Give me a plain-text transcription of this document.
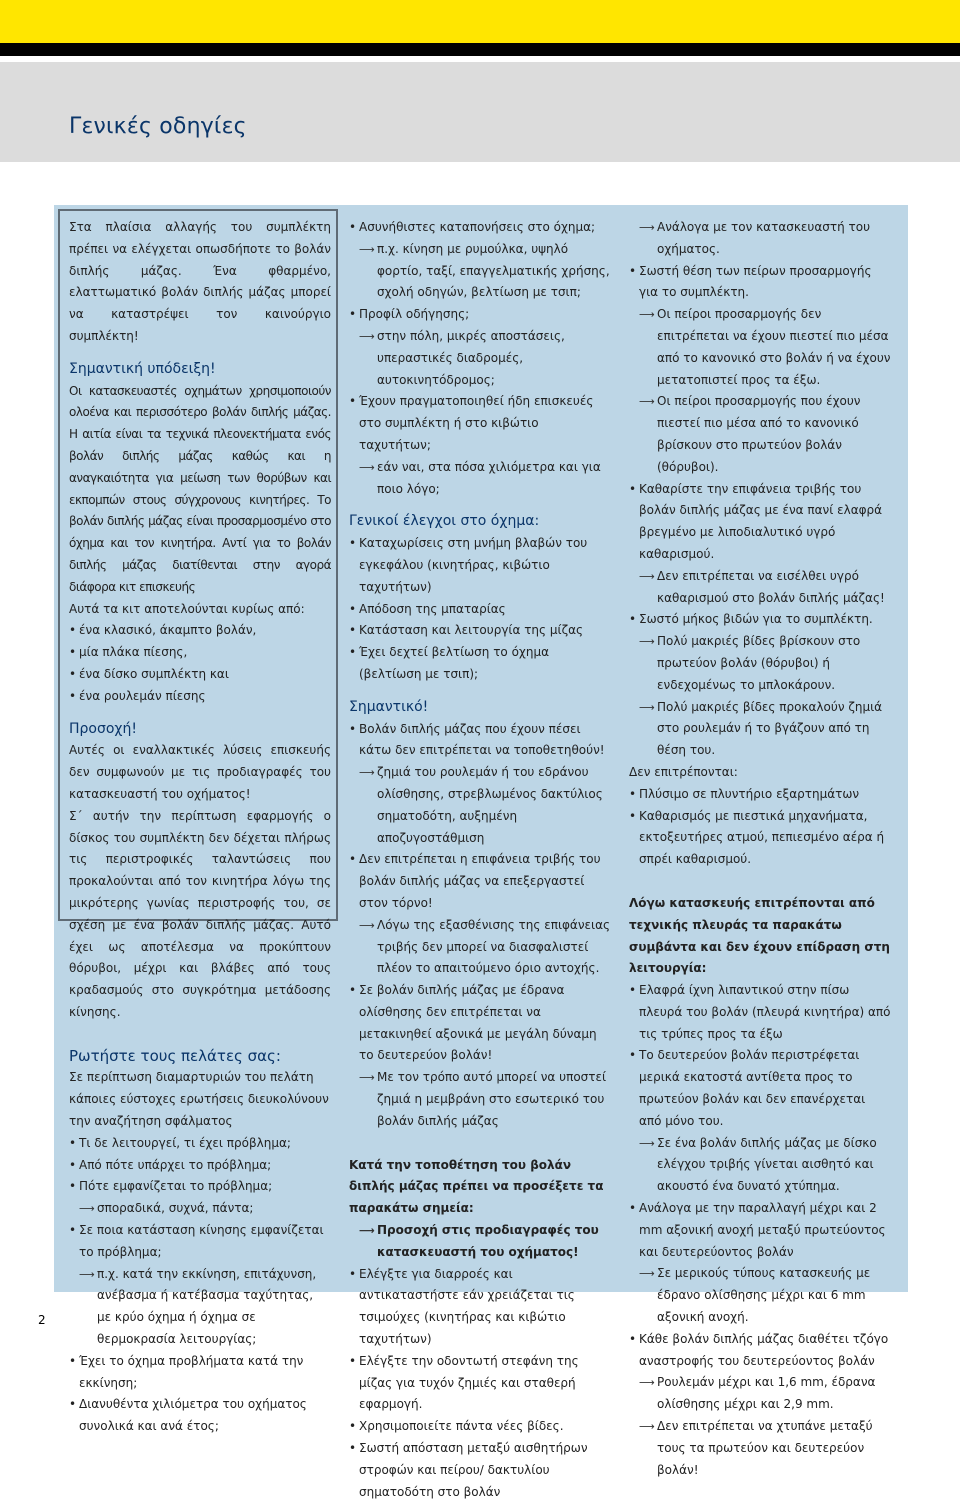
Γενικές οδηγίες

Στα πλαίσια αλλαγής του συμπλέκτη πρέπει να ελέγχεται οπωσδήποτε το βολάν διπλής μάζας. Ένα φθαρμένο, ελαττωματικό βολάν διπλής μάζας μπορεί να καταστρέψει τον καινούργιο συμπλέκτη!

Σημαντική υπόδειξη!

Οι κατασκευαστές οχημάτων χρησιμοποιούν ολοένα και περισσότερο βολάν διπλής μάζας. Η αιτία είναι τα τεχνικά πλεονεκτήματα ενός βολάν διπλής μάζας καθώς και η αναγκαιότητα για μείωση των θορύβων και εκπομπών στους σύγχρονους κινητήρες. Το βολάν διπλής μάζας είναι προσαρμοσμένο στο όχημα και τον κινητήρα. Αντί για το βολάν διπλής μάζας διατίθενται στην αγορά διάφορα κιτ επισκευής

Αυτά τα κιτ αποτελούνται κυρίως από:

• ένα κλασικό, άκαμπτο βολάν,

• μία πλάκα πίεσης,

• ένα δίσκο συμπλέκτη και

• ένα ρουλεμάν πίεσης

Προσοχή!

Αυτές οι εναλλακτικές λύσεις επισκευής δεν συμφωνούν με τις προδιαγραφές του κατασκευαστή του οχήματος!

Σ΄ αυτήν την περίπτωση εφαρμογής ο δίσκος του συμπλέκτη δεν δέχεται πλήρως τις περιστροφικές ταλαντώσεις που προκαλούνται από τον κινητήρα λόγω της μικρότερης γωνίας περιστροφής του, σε σχέση με ένα βολάν διπλής μάζας. Αυτό έχει ως αποτέλεσμα να προκύπτουν θόρυβοι, μέχρι και βλάβες από τους κραδασμούς στο συγκρότημα μετάδοσης κίνησης.

Ρωτήστε τους πελάτες σας:

Σε περίπτωση διαμαρτυριών του πελάτη κάποιες εύστοχες ερωτήσεις διευκολύνουν την αναζήτηση σφάλματος

• Τι δε λειτουργεί, τι έχει πρόβλημα;

• Από πότε υπάρχει το πρόβλημα;

• Πότε εμφανίζεται το πρόβλημα;

⟶ σποραδικά, συχνά, πάντα;

• Σε ποια κατάσταση κίνησης εμφανίζεται το πρόβλημα;

⟶ π.χ. κατά την εκκίνηση, επιτάχυνση, ανέβασμα ή κατέβασμα ταχύτητας, με κρύο όχημα ή όχημα σε θερμοκρασία λειτουργίας;

• Έχει το όχημα προβλήματα κατά την εκκίνηση;

• Διανυθέντα χιλιόμετρα του οχήματος συνολικά και ανά έτος;

• Ασυνήθιστες καταπονήσεις στο όχημα;

⟶ π.χ. κίνηση με ρυμούλκα, υψηλό φορτίο, ταξί, επαγγελματικής χρήσης, σχολή οδηγών, βελτίωση με τσιπ;

• Προφίλ οδήγησης;

⟶ στην πόλη, μικρές αποστάσεις, υπεραστικές διαδρομές, αυτοκινητόδρομος;

• Έχουν πραγματοποιηθεί ήδη επισκευές στο συμπλέκτη ή στο κιβώτιο ταχυτήτων;

⟶ εάν ναι, στα πόσα χιλιόμετρα και για ποιο λόγο;

Γενικοί έλεγχοι στο όχημα:

• Καταχωρίσεις στη μνήμη βλαβών του εγκεφάλου (κινητήρας, κιβώτιο ταχυτήτων)

• Απόδοση της μπαταρίας

• Κατάσταση και λειτουργία της μίζας

• Έχει δεχτεί βελτίωση το όχημα (βελτίωση με τσιπ);

Σημαντικό!

• Βολάν διπλής μάζας που έχουν πέσει κάτω δεν επιτρέπεται να τοποθετηθούν!

⟶ ζημιά του ρουλεμάν ή του εδράνου ολίσθησης, στρεβλωμένος δακτύλιος σηματοδότη, αυξημένη αποζυγοστάθμιση

• Δεν επιτρέπεται η επιφάνεια τριβής του βολάν διπλής μάζας να επεξεργαστεί στον τόρνο!

⟶ Λόγω της εξασθένισης της επιφάνειας τριβής δεν μπορεί να διασφαλιστεί πλέον το απαιτούμενο όριο αντοχής.

• Σε βολάν διπλής μάζας με έδρανα ολίσθησης δεν επιτρέπεται να μετακινηθεί αξονικά με μεγάλη δύναμη το δευτερεύον βολάν!

⟶ Με τον τρόπο αυτό μπορεί να υποστεί ζημιά η μεμβράνη στο εσωτερικό του βολάν διπλής μάζας

Κατά την τοποθέτηση του βολάν διπλής μάζας πρέπει να προσέξετε τα παρακάτω σημεία:

⟶ Προσοχή στις προδιαγραφές του κατασκευαστή του οχήματος!

• Ελέγξτε για διαρροές και αντικαταστήστε εάν χρειάζεται τις τσιμούχες (κινητήρας και κιβώτιο ταχυτήτων)

• Ελέγξτε την οδοντωτή στεφάνη της μίζας για τυχόν ζημιές και σταθερή εφαρμογή.

• Χρησιμοποιείτε πάντα νέες βίδες.

• Σωστή απόσταση μεταξύ αισθητήρων στροφών και πείρου/ δακτυλίου σηματοδότη στο βολάν

⟶ Ανάλογα με τον κατασκευαστή του οχήματος.

• Σωστή θέση των πείρων προσαρμογής για το συμπλέκτη.

⟶ Οι πείροι προσαρμογής δεν επιτρέπεται να έχουν πιεστεί πιο μέσα από το κανονικό στο βολάν ή να έχουν μετατοπιστεί προς τα έξω.

⟶ Οι πείροι προσαρμογής που έχουν πιεστεί πιο μέσα από το κανονικό βρίσκουν στο πρωτεύον βολάν (θόρυβοι).

• Καθαρίστε την επιφάνεια τριβής του βολάν διπλής μάζας με ένα πανί ελαφρά βρεγμένο με λιποδιαλυτικό υγρό καθαρισμού.

⟶ Δεν επιτρέπεται να εισέλθει υγρό καθαρισμού στο βολάν διπλής μάζας!

• Σωστό μήκος βιδών για το συμπλέκτη.

⟶ Πολύ μακριές βίδες βρίσκουν στο πρωτεύον βολάν (θόρυβοι) ή ενδεχομένως το μπλοκάρουν.

⟶ Πολύ μακριές βίδες προκαλούν ζημιά στο ρουλεμάν ή το βγάζουν από τη θέση του.

Δεν επιτρέπονται:

• Πλύσιμο σε πλυντήριο εξαρτημάτων

• Καθαρισμός με πιεστικά μηχανήματα, εκτοξευτήρες ατμού, πεπιεσμένο αέρα ή σπρέι καθαρισμού.

Λόγω κατασκευής επιτρέπονται από τεχνικής πλευράς τα παρακάτω συμβάντα και δεν έχουν επίδραση στη λειτουργία:

• Ελαφρά ίχνη λιπαντικού στην πίσω πλευρά του βολάν (πλευρά κινητήρα) από τις τρύπες προς τα έξω

• Το δευτερεύον βολάν περιστρέφεται μερικά εκατοστά αντίθετα προς το πρωτεύον βολάν και δεν επανέρχεται από μόνο του.

⟶ Σε ένα βολάν διπλής μάζας με δίσκο ελέγχου τριβής γίνεται αισθητό και ακουστό ένα δυνατό χτύπημα.

• Ανάλογα με την παραλλαγή μέχρι και 2 mm αξονική ανοχή μεταξύ πρωτεύοντος και δευτερεύοντος βολάν

⟶ Σε μερικούς τύπους κατασκευής με έδρανο ολίσθησης μέχρι και 6 mm αξονική ανοχή.

• Κάθε βολάν διπλής μάζας διαθέτει τζόγο αναστροφής του δευτερεύοντος βολάν

⟶ Ρουλεμάν μέχρι και 1,6 mm, έδρανα ολίσθησης μέχρι και 2,9 mm.

⟶ Δεν επιτρέπεται να χτυπάνε μεταξύ τους τα πρωτεύον και δευτερεύον βολάν!

2
